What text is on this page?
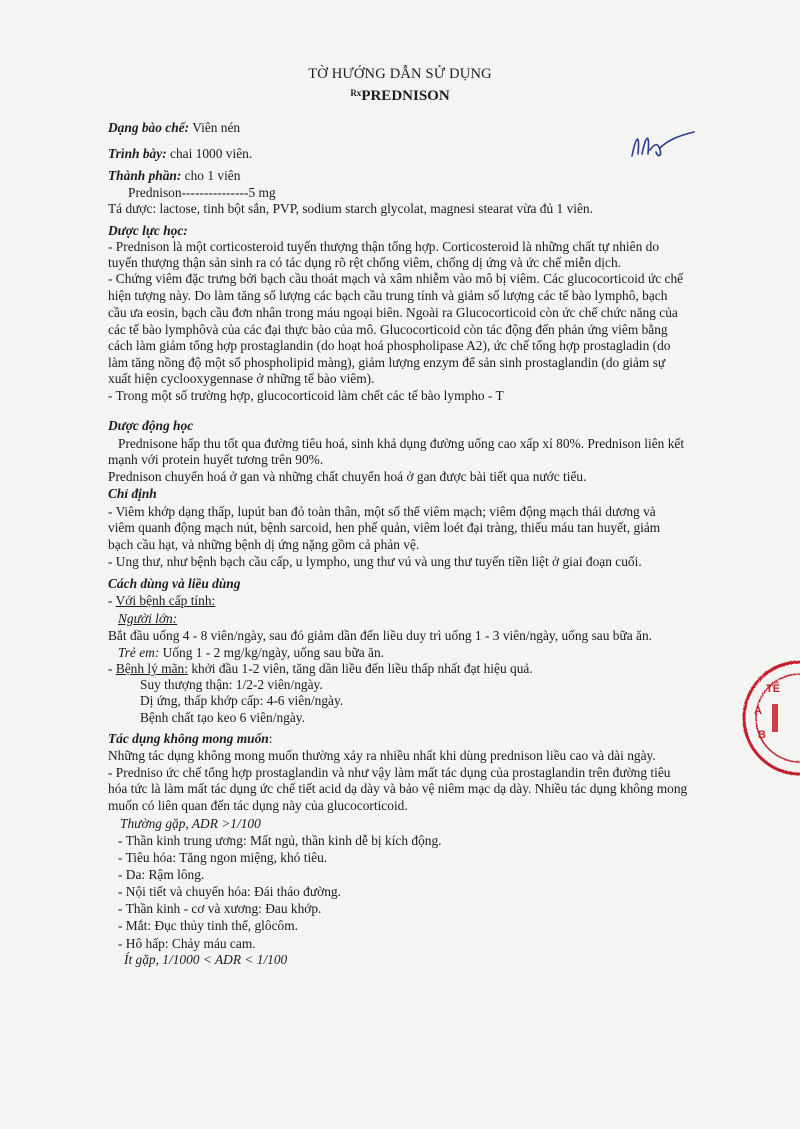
TỜ HƯỚNG DẪN SỬ DỤNG
$^{Rx}$PREDNISON
Dạng bào chế: Viên nén
Trình bày: chai 1000 viên.
Thành phần: cho 1 viên
Prednison---------------5 mg
Tá dược: lactose, tinh bột sắn, PVP, sodium starch glycolat, magnesi stearat vừa đủ 1 viên.
Dược lực học:
- Prednison là một corticosteroid tuyến thượng thận tổng hợp. Corticosteroid là những chất tự nhiên do
tuyến thượng thận sản sinh ra có tác dụng rõ rệt chống viêm, chống dị ứng và ức chế miễn dịch.
- Chứng viêm đặc trưng bởi bạch cầu thoát mạch và xâm nhiễm vào mô bị viêm. Các glucocorticoid ức chế
hiện tượng này. Do làm tăng số lượng các bạch cầu trung tính và giảm số lượng các tế bào lymphô, bạch
cầu ưa eosin, bạch cầu đơn nhân trong máu ngoại biên. Ngoài ra Glucocorticoid còn ức chế chức năng của
các tế bào lymphôvà của các đại thực bào của mô. Glucocorticoid còn tác động đến phản ứng viêm bằng
cách làm giảm tổng hợp prostaglandin (do hoạt hoá phospholipase A2), ức chế tổng hợp prostagladin (do
làm tăng nồng độ một số phospholipid màng), giảm lượng enzym để sản sinh prostaglandin (do giảm sự
xuất hiện cyclooxygennase ở những tế bào viêm).
- Trong một số trường hợp, glucocorticoid làm chết các tế bào lympho - T
Dược động học
Prednisone hấp thu tốt qua đường tiêu hoá, sinh khả dụng đường uống cao xấp xỉ 80%. Prednison liên kết
mạnh với protein huyết tương trên 90%.
Prednison chuyển hoá ở gan và những chất chuyển hoá ở gan được bài tiết qua nước tiểu.
Chỉ định
- Viêm khớp dạng thấp, lupút ban đỏ toàn thân, một số thể viêm mạch; viêm động mạch thái dương và
viêm quanh động mạch nút, bệnh sarcoid, hen phế quản, viêm loét đại tràng, thiếu máu tan huyết, giảm
bạch cầu hạt, và những bệnh dị ứng nặng gồm cả phản vệ.
- Ung thư, như bệnh bạch cầu cấp, u lympho, ung thư vú và ung thư tuyến tiền liệt ở giai đoạn cuối.
Cách dùng và liều dùng
- Với bệnh cấp tính:
Người lớn:
Bắt đầu uống 4 - 8 viên/ngày, sau đó giảm dần đến liều duy trì uống 1 - 3 viên/ngày, uống sau bữa ăn.
Trẻ em: Uống 1 - 2 mg/kg/ngày, uống sau bữa ăn.
- Bệnh lý mãn: khởi đầu 1-2 viên, tăng dần liều đến liều thấp nhất đạt hiệu quả.
Suy thượng thận: 1/2-2 viên/ngày.
Dị ứng, thấp khớp cấp: 4-6 viên/ngày.
Bệnh chất tạo keo 6 viên/ngày.
Tác dụng không mong muốn:
Những tác dụng không mong muốn thường xảy ra nhiều nhất khi dùng prednison liều cao và dài ngày.
- Predniso ức chế tổng hợp prostaglandin và như vậy làm mất tác dụng của prostaglandin trên đường tiêu
hóa tức là làm mất tác dụng ức chế tiết acid dạ dày và bảo vệ niêm mạc dạ dày. Nhiều tác dụng không mong
muốn có liên quan đến tác dụng này của glucocorticoid.
Thường gặp, ADR >1/100
- Thần kinh trung ương: Mất ngủ, thần kinh dễ bị kích động.
- Tiêu hóa: Tăng ngon miệng, khó tiêu.
- Da: Rậm lông.
- Nội tiết và chuyển hóa: Đái tháo đường.
- Thần kinh - cơ và xương: Đau khớp.
- Mắt: Đục thủy tinh thể, glôcôm.
- Hô hấp: Chảy máu cam.
Ít gặp, 1/1000 < ADR < 1/100
TẾ
A
B
